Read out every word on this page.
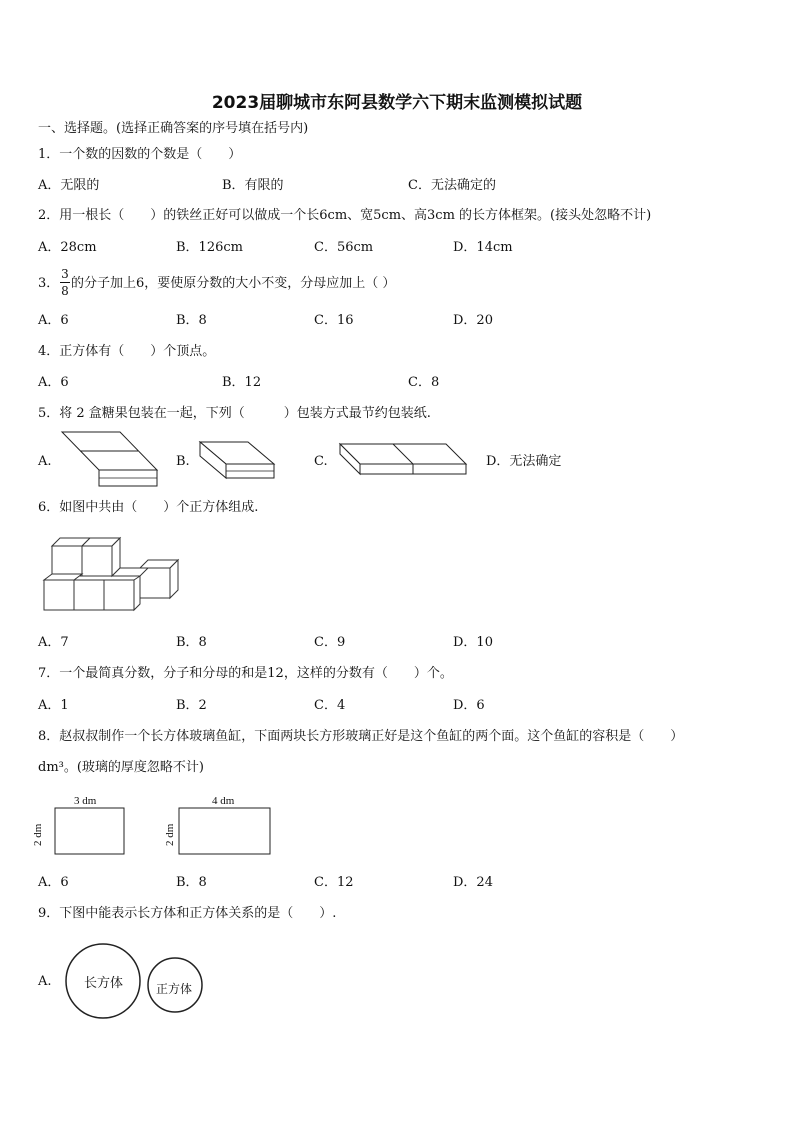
2023届聊城市东阿县数学六下期末监测模拟试题
一、选择题。(选择正确答案的序号填在括号内)
1．一个数的因数的个数是（　　）
A．无限的	B．有限的	C．无法确定的
2．用一根长（　　）的铁丝正好可以做成一个长6cm、宽5cm、高3cm 的长方体框架。(接头处忽略不计)
A．28cm	B．126cm	C．56cm	D．14cm
3．
3
8 的分子加上6，要使原分数的大小不变，分母应加上（ ）
A．6	B．8	C．16	D．20
4．正方体有（　　）个顶点。
A．6	B．12	C．8
5．将 2 盒糖果包装在一起，下列（　　　）包装方式最节约包装纸.
A.	B.	C.	D．无法确定
6．如图中共由（　　）个正方体组成.
A．7	B．8	C．9	D．10
7．一个最简真分数，分子和分母的和是12，这样的分数有（　　）个。
A．1	B．2	C．4	D．6
8．赵叔叔制作一个长方体玻璃鱼缸，下面两块长方形玻璃正好是这个鱼缸的两个面。这个鱼缸的容积是（　　）
dm³。(玻璃的厚度忽略不计)
3 dm
2 dm
4 dm
2 dm
A．6	B．8	C．12	D．24
9．下图中能表示长方体和正方体关系的是（　　）.
A. 长方体	正方体
